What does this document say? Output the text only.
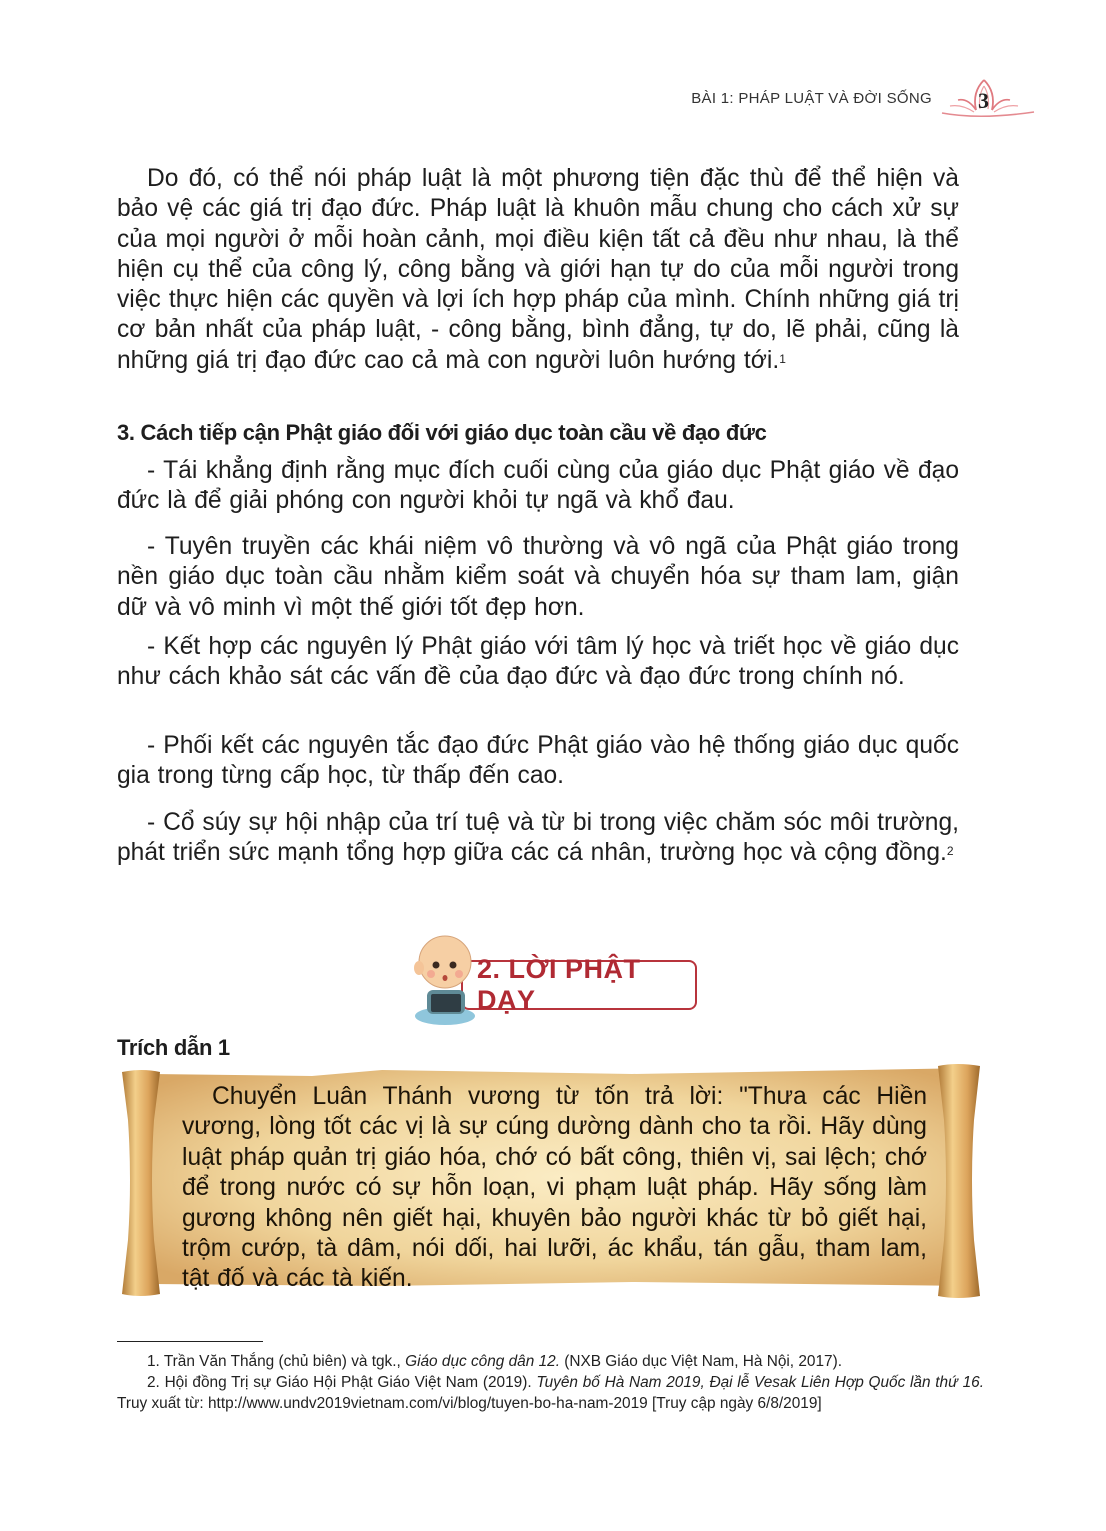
BÀI 1: PHÁP LUẬT VÀ ĐỜI SỐNG 3

Do đó, có thể nói pháp luật là một phương tiện đặc thù để thể hiện và bảo vệ các giá trị đạo đức. Pháp luật là khuôn mẫu chung cho cách xử sự của mọi người ở mỗi hoàn cảnh, mọi điều kiện tất cả đều như nhau, là thể hiện cụ thể của công lý, công bằng và giới hạn tự do của mỗi người trong việc thực hiện các quyền và lợi ích hợp pháp của mình. Chính những giá trị cơ bản nhất của pháp luật, - công bằng, bình đẳng, tự do, lẽ phải, cũng là những giá trị đạo đức cao cả mà con người luôn hướng tới.$^1$

3. Cách tiếp cận Phật giáo đối với giáo dục toàn cầu về đạo đức

- Tái khẳng định rằng mục đích cuối cùng của giáo dục Phật giáo về đạo đức là để giải phóng con người khỏi tự ngã và khổ đau.

- Tuyên truyền các khái niệm vô thường và vô ngã của Phật giáo trong nền giáo dục toàn cầu nhằm kiểm soát và chuyển hóa sự tham lam, giận dữ và vô minh vì một thế giới tốt đẹp hơn.

- Kết hợp các nguyên lý Phật giáo với tâm lý học và triết học về giáo dục như cách khảo sát các vấn đề của đạo đức và đạo đức trong chính nó.

- Phối kết các nguyên tắc đạo đức Phật giáo vào hệ thống giáo dục quốc gia trong từng cấp học, từ thấp đến cao.

- Cổ súy sự hội nhập của trí tuệ và từ bi trong việc chăm sóc môi trường, phát triển sức mạnh tổng hợp giữa các cá nhân, trường học và cộng đồng.$^2$

2. LỜI PHẬT DẠY
Trích dẫn 1
Chuyển Luân Thánh vương từ tốn trả lời: "Thưa các Hiền vương, lòng tốt các vị là sự cúng dường dành cho ta rồi. Hãy dùng luật pháp quản trị giáo hóa, chớ có bất công, thiên vị, sai lệch; chớ để trong nước có sự hỗn loạn, vi phạm luật pháp. Hãy sống làm gương không nên giết hại, khuyên bảo người khác từ bỏ giết hại, trộm cướp, tà dâm, nói dối, hai lưỡi, ác khẩu, tán gẫu, tham lam, tật đố và các tà kiến.

1. Trần Văn Thắng (chủ biên) và tgk., Giáo dục công dân 12. (NXB Giáo dục Việt Nam, Hà Nội, 2017).

2. Hội đồng Trị sự Giáo Hội Phật Giáo Việt Nam (2019). Tuyên bố Hà Nam 2019, Đại lễ Vesak Liên Hợp Quốc lần thứ 16. Truy xuất từ: http://www.undv2019vietnam.com/vi/blog/tuyen-bo-ha-nam-2019 [Truy cập ngày 6/8/2019]
